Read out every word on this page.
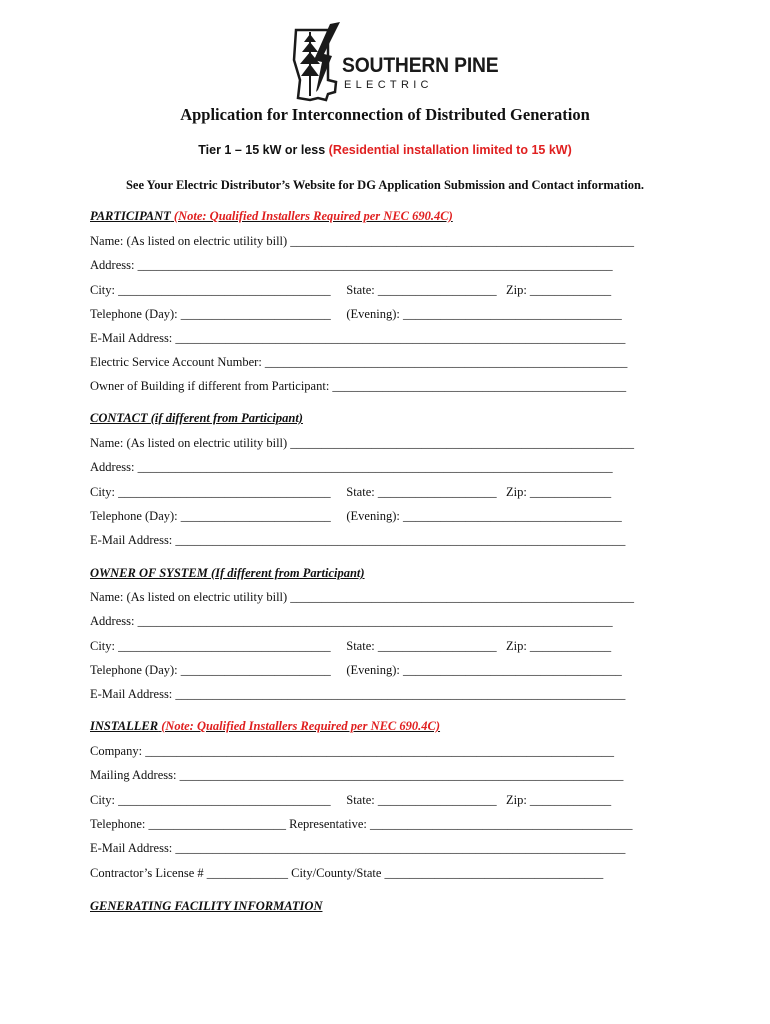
SOUTHERN PINE
ELECTRIC
Application for Interconnection of Distributed Generation
Tier 1 – 15 kW or less (Residential installation limited to 15 kW)
See Your Electric Distributor’s Website for DG Application Submission and Contact information.
PARTICIPANT (Note: Qualified Installers Required per NEC 690.4C)
Name: (As listed on electric utility bill) _______________________________________________________
Address: ____________________________________________________________________________
City: __________________________________     State: ___________________   Zip: _____________
Telephone (Day): ________________________     (Evening): ___________________________________
E-Mail Address: ________________________________________________________________________
Electric Service Account Number: __________________________________________________________
Owner of Building if different from Participant: _______________________________________________
CONTACT (if different from Participant)
Name: (As listed on electric utility bill) _______________________________________________________
Address: ____________________________________________________________________________
City: __________________________________     State: ___________________   Zip: _____________
Telephone (Day): ________________________     (Evening): ___________________________________
E-Mail Address: ________________________________________________________________________
OWNER OF SYSTEM (If different from Participant)
Name: (As listed on electric utility bill) _______________________________________________________
Address: ____________________________________________________________________________
City: __________________________________     State: ___________________   Zip: _____________
Telephone (Day): ________________________     (Evening): ___________________________________
E-Mail Address: ________________________________________________________________________
INSTALLER (Note: Qualified Installers Required per NEC 690.4C)
Company: ___________________________________________________________________________
Mailing Address: _______________________________________________________________________
City: __________________________________     State: ___________________   Zip: _____________
Telephone: ______________________ Representative: __________________________________________
E-Mail Address: ________________________________________________________________________
Contractor’s License # _____________ City/County/State ___________________________________
GENERATING FACILITY INFORMATION
